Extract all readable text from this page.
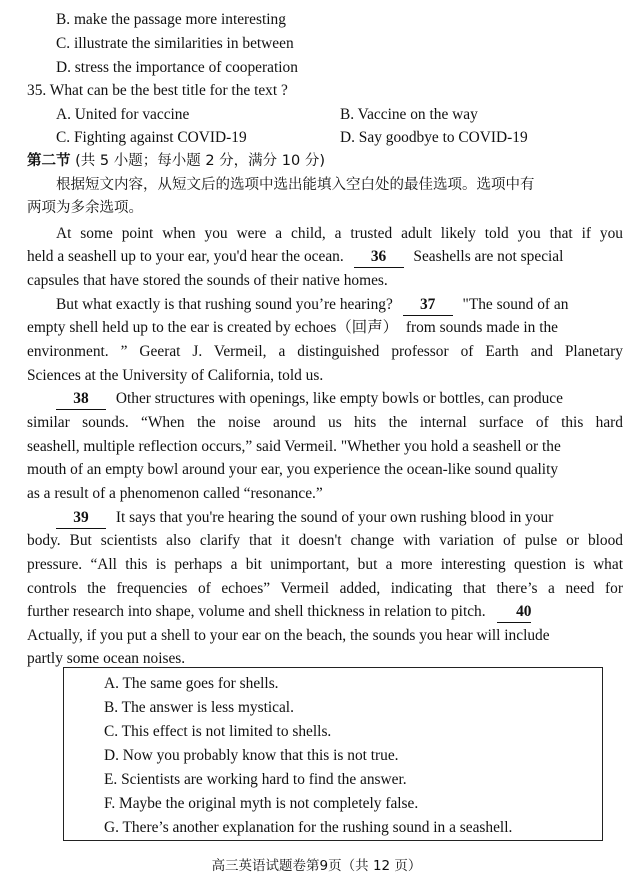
B. make the passage more interesting
C. illustrate the similarities in between
D. stress the importance of cooperation
35. What can be the best title for the text ?
A. United for vaccine	B. Vaccine on the way
C. Fighting against COVID-19	D. Say goodbye to COVID-19
第二节 (共 5 小题；每小题 2 分，满分 10 分)
根据短文内容，从短文后的选项中选出能填入空白处的最佳选项。选项中有
两项为多余选项。
At some point when you were a child, a trusted adult likely told you that if you
held a seashell up to your ear, you'd hear the ocean. 36 Seashells are not special
capsules that have stored the sounds of their native homes.
But what exactly is that rushing sound you’re hearing? 37 "The sound of an
empty shell held up to the ear is created by echoes（回声） from sounds made in the
environment. ” Geerat J. Vermeil, a distinguished professor of Earth and Planetary
Sciences at the University of California, told us.
38 Other structures with openings, like empty bowls or bottles, can produce
similar sounds. “When the noise around us hits the internal surface of this hard
seashell, multiple reflection occurs,” said Vermeil. "Whether you hold a seashell or the
mouth of an empty bowl around your ear, you experience the ocean-like sound quality
as a result of a phenomenon called “resonance.”
39 It says that you're hearing the sound of your own rushing blood in your
body. But scientists also clarify that it doesn't change with variation of pulse or blood
pressure. “All this is perhaps a bit unimportant, but a more interesting question is what
controls the frequencies of echoes” Vermeil added, indicating that there’s a need for
further research into shape, volume and shell thickness in relation to pitch. 40
Actually, if you put a shell to your ear on the beach, the sounds you hear will include
partly some ocean noises.
A. The same goes for shells.
B. The answer is less mystical.
C. This effect is not limited to shells.
D. Now you probably know that this is not true.
E. Scientists are working hard to find the answer.
F. Maybe the original myth is not completely false.
G. There’s another explanation for the rushing sound in a seashell.
高三英语试题卷第9页（共 12 页）
